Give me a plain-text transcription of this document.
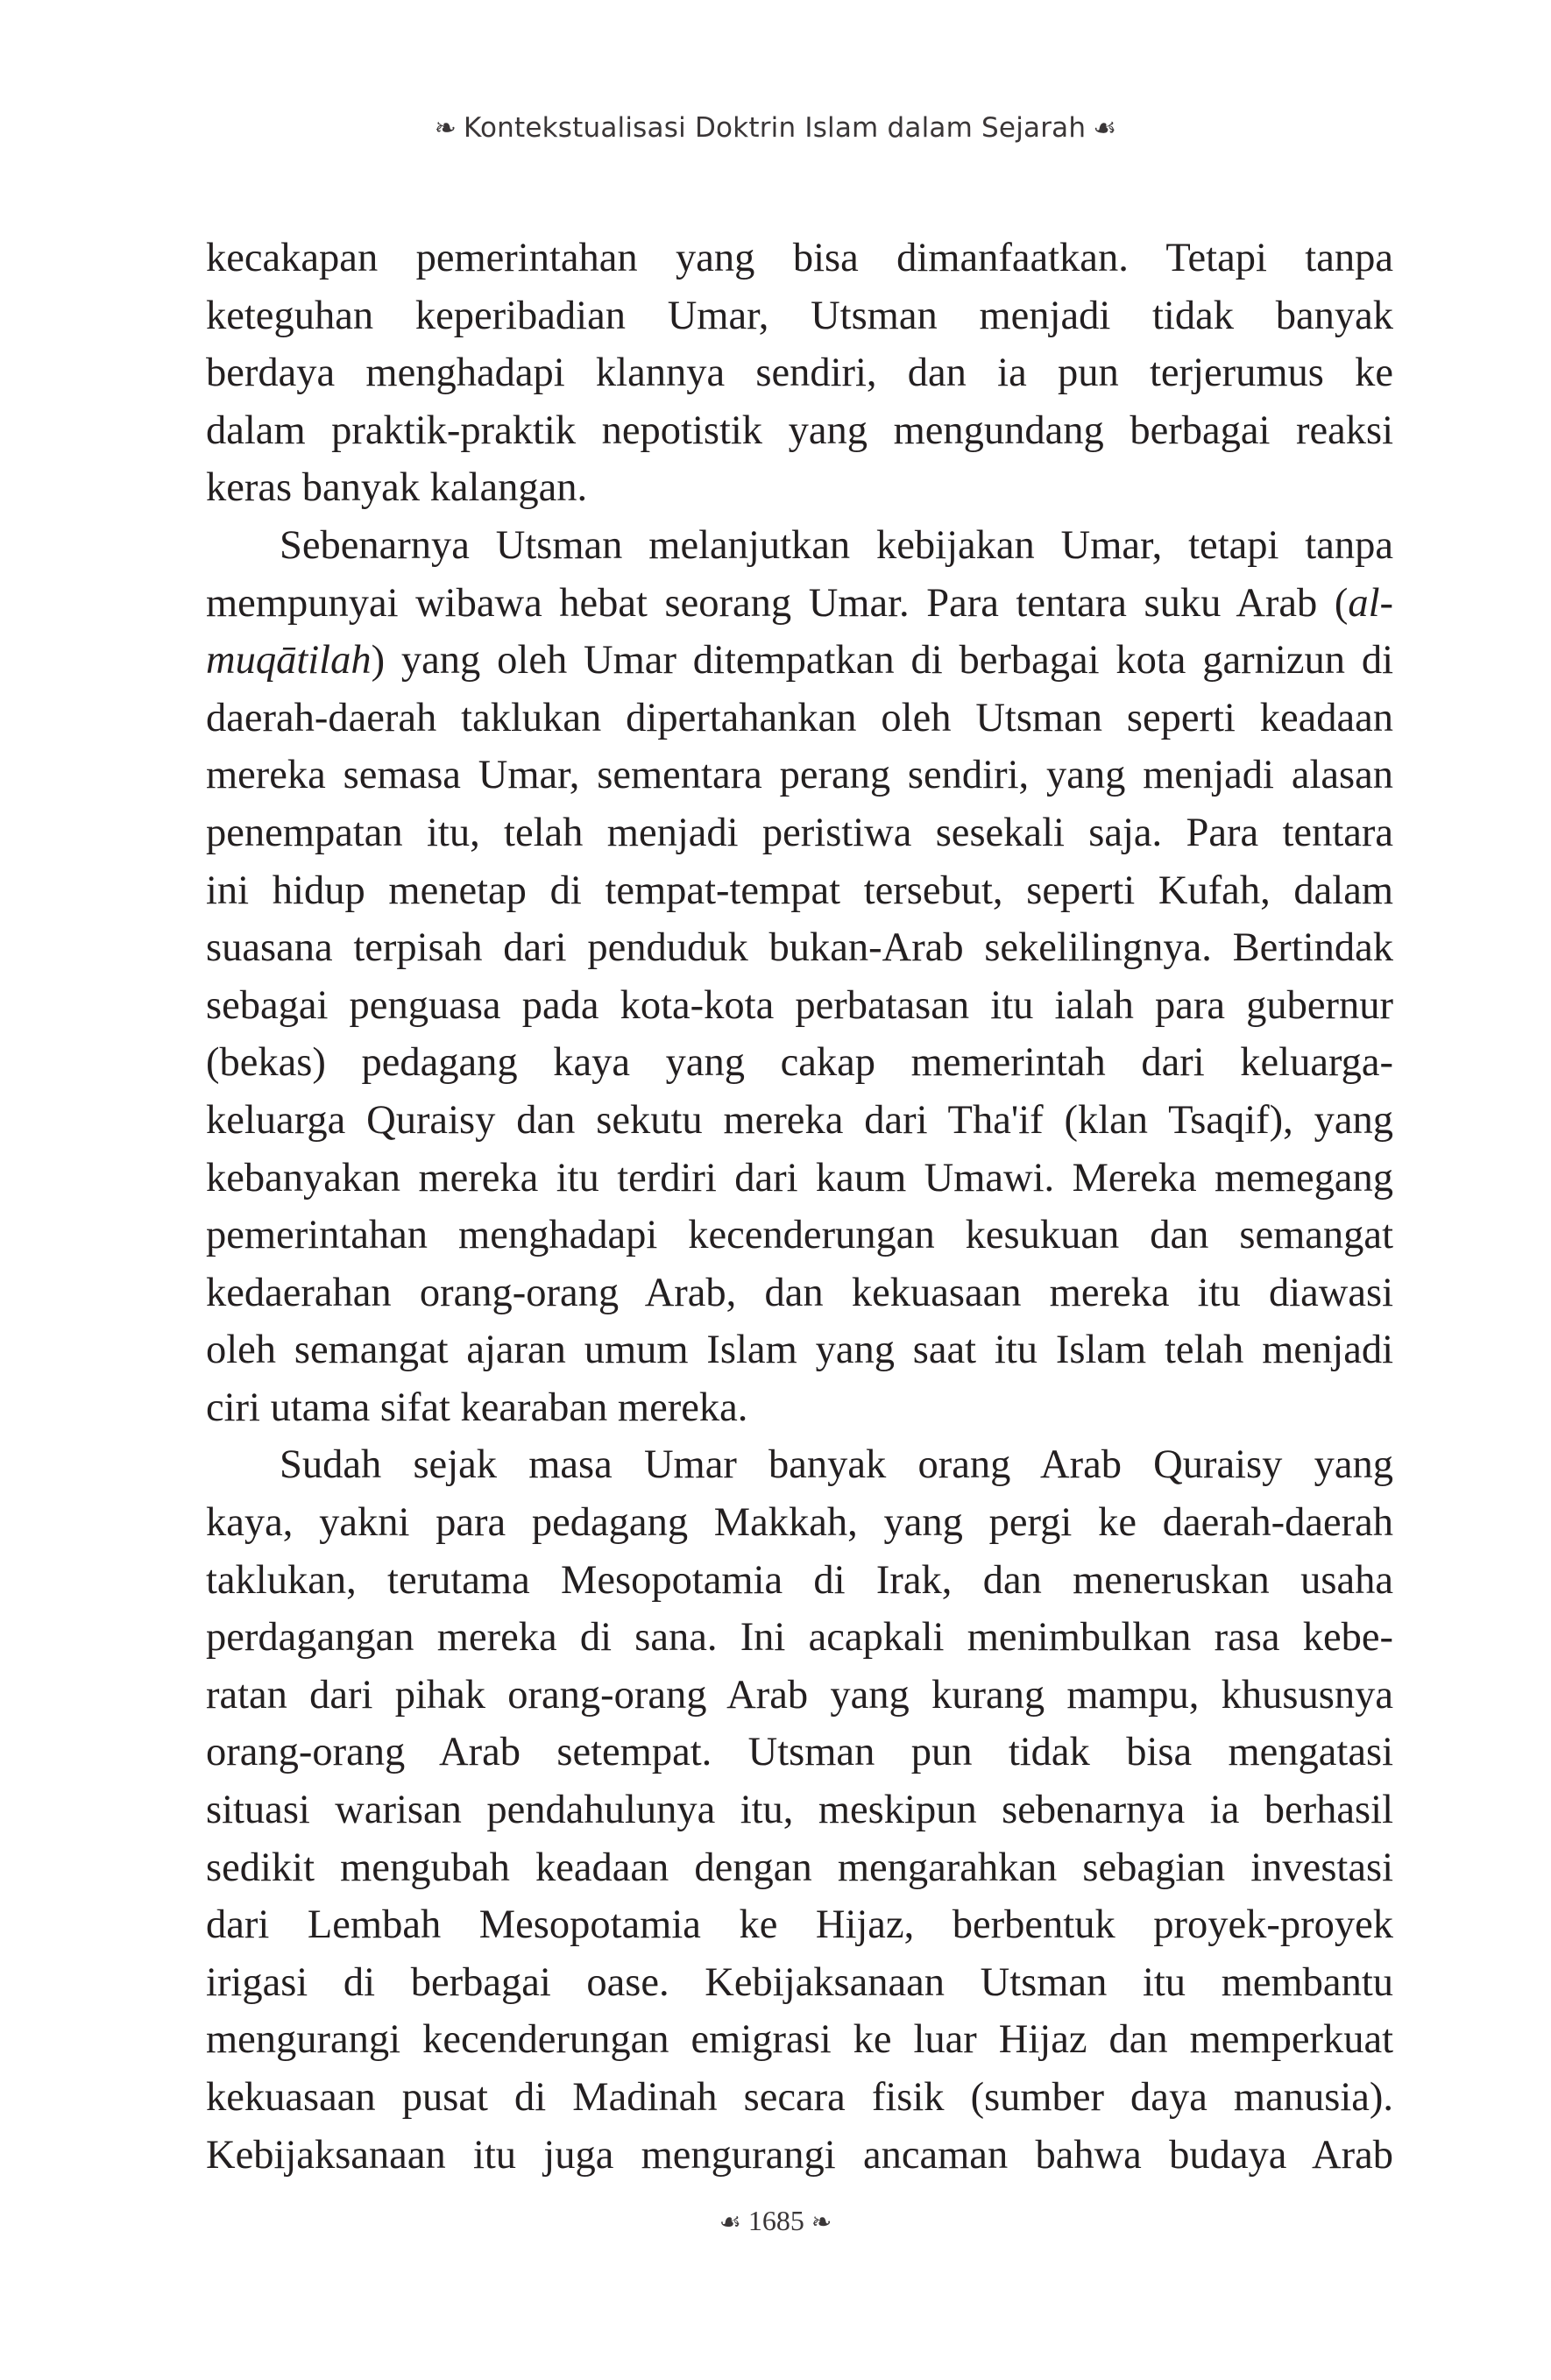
❧ Kontekstualisasi Doktrin Islam dalam Sejarah ☙

kecakapan pemerintahan yang bisa dimanfaatkan. Tetapi tanpa
keteguhan keperibadian Umar, Utsman menjadi tidak banyak
berdaya menghadapi klannya sendiri, dan ia pun terjerumus ke
dalam praktik-praktik nepotistik yang mengundang berbagai reaksi
keras banyak kalangan.

Sebenarnya Utsman melanjutkan kebijakan Umar, tetapi tanpa
mempunyai wibawa hebat seorang Umar. Para tentara suku Arab (al-
muqātilah) yang oleh Umar ditempatkan di berbagai kota garnizun di
daerah-daerah taklukan dipertahankan oleh Utsman seperti keadaan
mereka semasa Umar, sementara perang sendiri, yang menjadi alasan
penempatan itu, telah menjadi peristiwa sesekali saja. Para tentara
ini hidup menetap di tempat-tempat tersebut, seperti Kufah, dalam
suasana terpisah dari penduduk bukan-Arab sekelilingnya. Bertindak
sebagai penguasa pada kota-kota perbatasan itu ialah para gubernur
(bekas) pedagang kaya yang cakap memerintah dari keluarga-
keluarga Quraisy dan sekutu mereka dari Tha'if (klan Tsaqif), yang
kebanyakan mereka itu terdiri dari kaum Umawi. Mereka memegang
pemerintahan menghadapi kecenderungan kesukuan dan semangat
kedaerahan orang-orang Arab, dan kekuasaan mereka itu diawasi
oleh semangat ajaran umum Islam yang saat itu Islam telah menjadi
ciri utama sifat kearaban mereka.

Sudah sejak masa Umar banyak orang Arab Quraisy yang
kaya, yakni para pedagang Makkah, yang pergi ke daerah-daerah
taklukan, terutama Mesopotamia di Irak, dan meneruskan usaha
perdagangan mereka di sana. Ini acapkali menimbulkan rasa kebe-
ratan dari pihak orang-orang Arab yang kurang mampu, khususnya
orang-orang Arab setempat. Utsman pun tidak bisa mengatasi
situasi warisan pendahulunya itu, meskipun sebenarnya ia berhasil
sedikit mengubah keadaan dengan mengarahkan sebagian investasi
dari Lembah Mesopotamia ke Hijaz, berbentuk proyek-proyek
irigasi di berbagai oase. Kebijaksanaan Utsman itu membantu
mengurangi kecenderungan emigrasi ke luar Hijaz dan memperkuat
kekuasaan pusat di Madinah secara fisik (sumber daya manusia).
Kebijaksanaan itu juga mengurangi ancaman bahwa budaya Arab

☙ 1685 ❧
